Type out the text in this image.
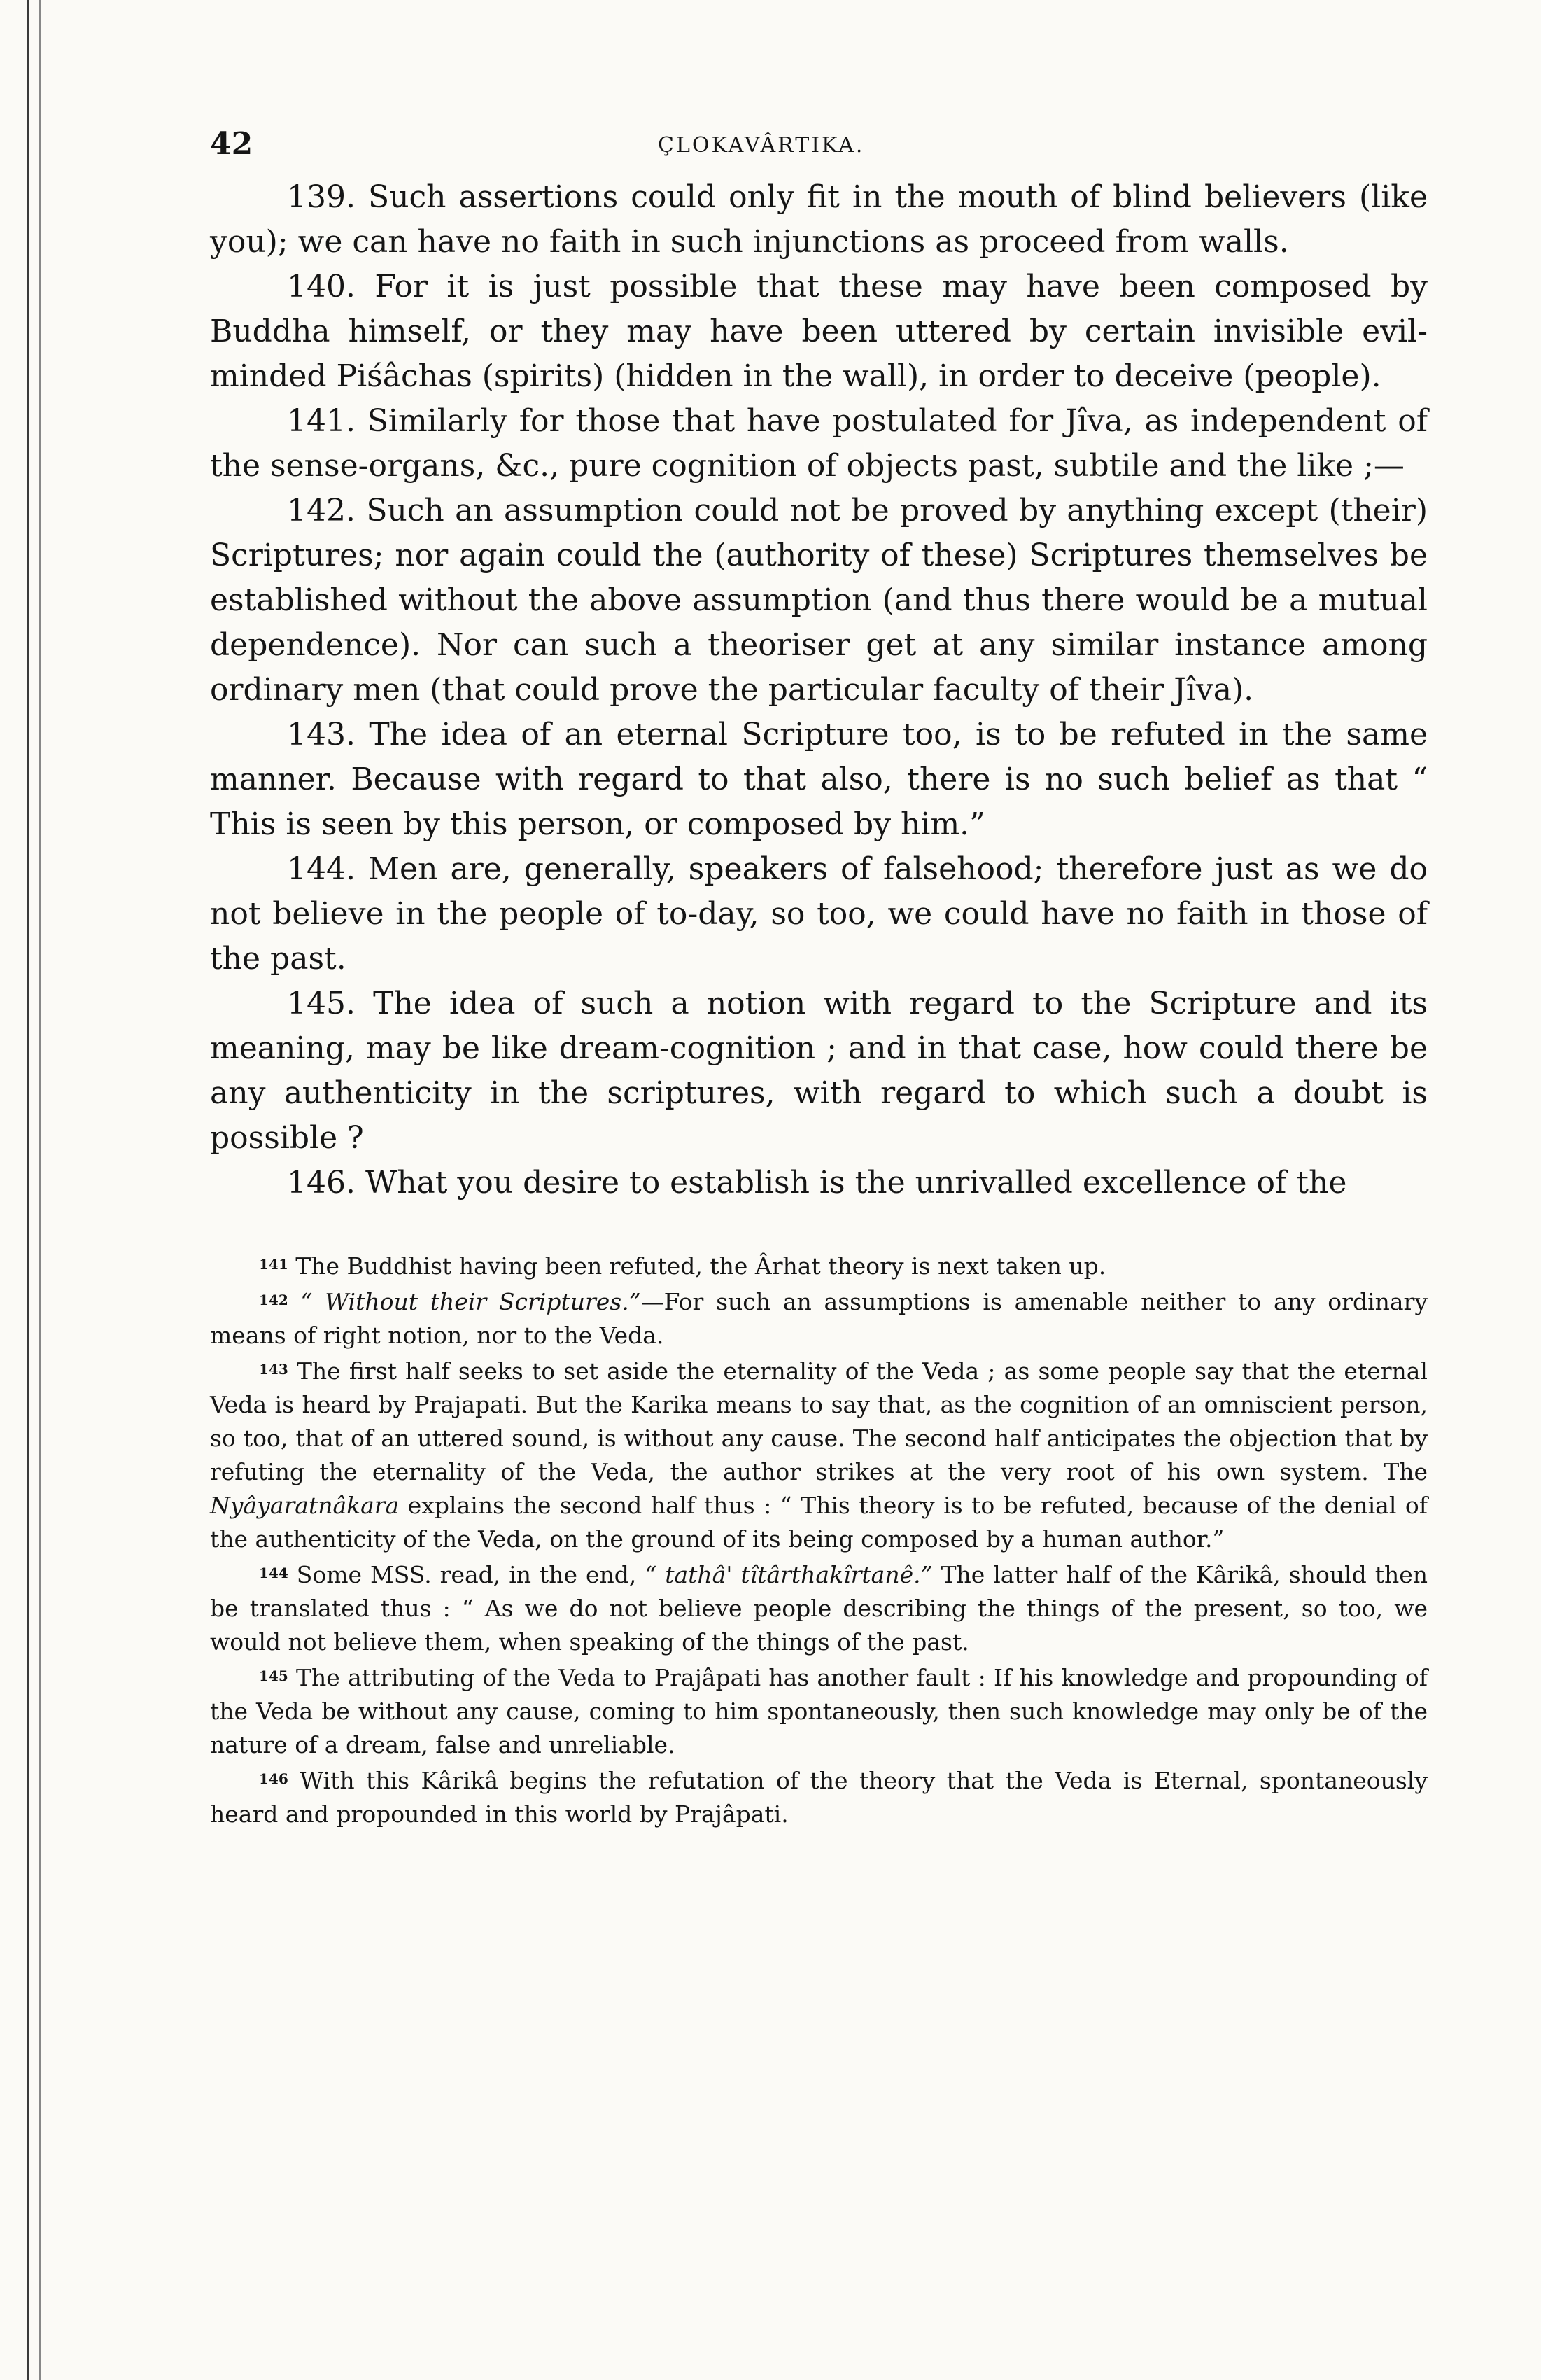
42	ÇLOKAVÂRTIKA.

139. Such assertions could only fit in the mouth of blind believers (like you); we can have no faith in such injunctions as proceed from walls.

140. For it is just possible that these may have been composed by Buddha himself, or they may have been uttered by certain invisible evil-minded Piśâchas (spirits) (hidden in the wall), in order to deceive (people).

141. Similarly for those that have postulated for Jîva, as independent of the sense-organs, &c., pure cognition of objects past, subtile and the like ;—

142. Such an assumption could not be proved by anything except (their) Scriptures; nor again could the (authority of these) Scriptures themselves be established without the above assumption (and thus there would be a mutual dependence). Nor can such a theoriser get at any similar instance among ordinary men (that could prove the particular faculty of their Jîva).

143. The idea of an eternal Scripture too, is to be refuted in the same manner. Because with regard to that also, there is no such belief as that “ This is seen by this person, or composed by him.”

144. Men are, generally, speakers of falsehood; therefore just as we do not believe in the people of to-day, so too, we could have no faith in those of the past.

145. The idea of such a notion with regard to the Scripture and its meaning, may be like dream-cognition ; and in that case, how could there be any authenticity in the scriptures, with regard to which such a doubt is possible ?

146. What you desire to establish is the unrivalled excellence of the

$^{141}$ The Buddhist having been refuted, the Ârhat theory is next taken up.

$^{142}$ “ Without their Scriptures.”—For such an assumptions is amenable neither to any ordinary means of right notion, nor to the Veda.

$^{143}$ The first half seeks to set aside the eternality of the Veda ; as some people say that the eternal Veda is heard by Prajapati. But the Karika means to say that, as the cognition of an omniscient person, so too, that of an uttered sound, is without any cause. The second half anticipates the objection that by refuting the eternality of the Veda, the author strikes at the very root of his own system. The Nyâyaratnâkara explains the second half thus : “ This theory is to be refuted, because of the denial of the authenticity of the Veda, on the ground of its being composed by a human author.”

$^{144}$ Some MSS. read, in the end, “ tathâ' tîtârthakîrtanê.” The latter half of the Kârikâ, should then be translated thus : “ As we do not believe people describing the things of the present, so too, we would not believe them, when speaking of the things of the past.

$^{145}$ The attributing of the Veda to Prajâpati has another fault : If his knowledge and propounding of the Veda be without any cause, coming to him spontaneously, then such knowledge may only be of the nature of a dream, false and unreliable.

$^{146}$ With this Kârikâ begins the refutation of the theory that the Veda is Eternal, spontaneously heard and propounded in this world by Prajâpati.
